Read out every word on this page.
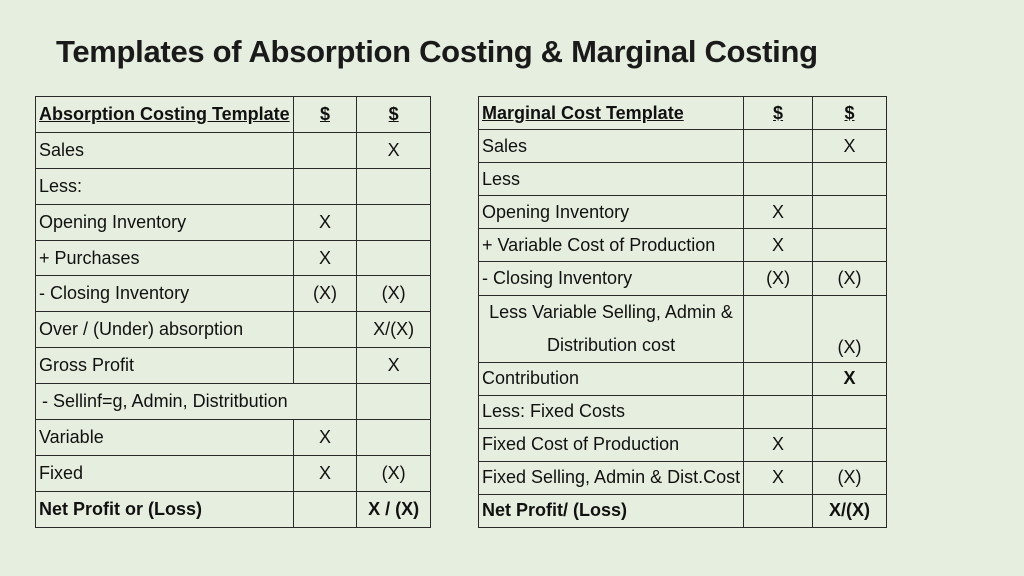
Templates of Absorption Costing & Marginal Costing
Absorption Costing Template	$	$
Sales		X
Less:		
Opening Inventory	X	
+ Purchases	X	
- Closing Inventory	(X)	(X)
Over / (Under) absorption		X/(X)
Gross Profit		X
- Sellinf=g, Admin, Distritbution		
Variable	X	
Fixed	X	(X)
Net Profit or (Loss)		X / (X)
Marginal Cost Template	$	$
Sales		X
Less		
Opening Inventory	X	
+ Variable Cost of Production	X	
- Closing Inventory	(X)	(X)
Less Variable Selling, Admin & Distribution cost		(X)
Contribution		X
Less: Fixed Costs		
Fixed Cost of Production	X	
Fixed Selling, Admin & Dist.Cost	X	(X)
Net Profit/ (Loss)		X/(X)
